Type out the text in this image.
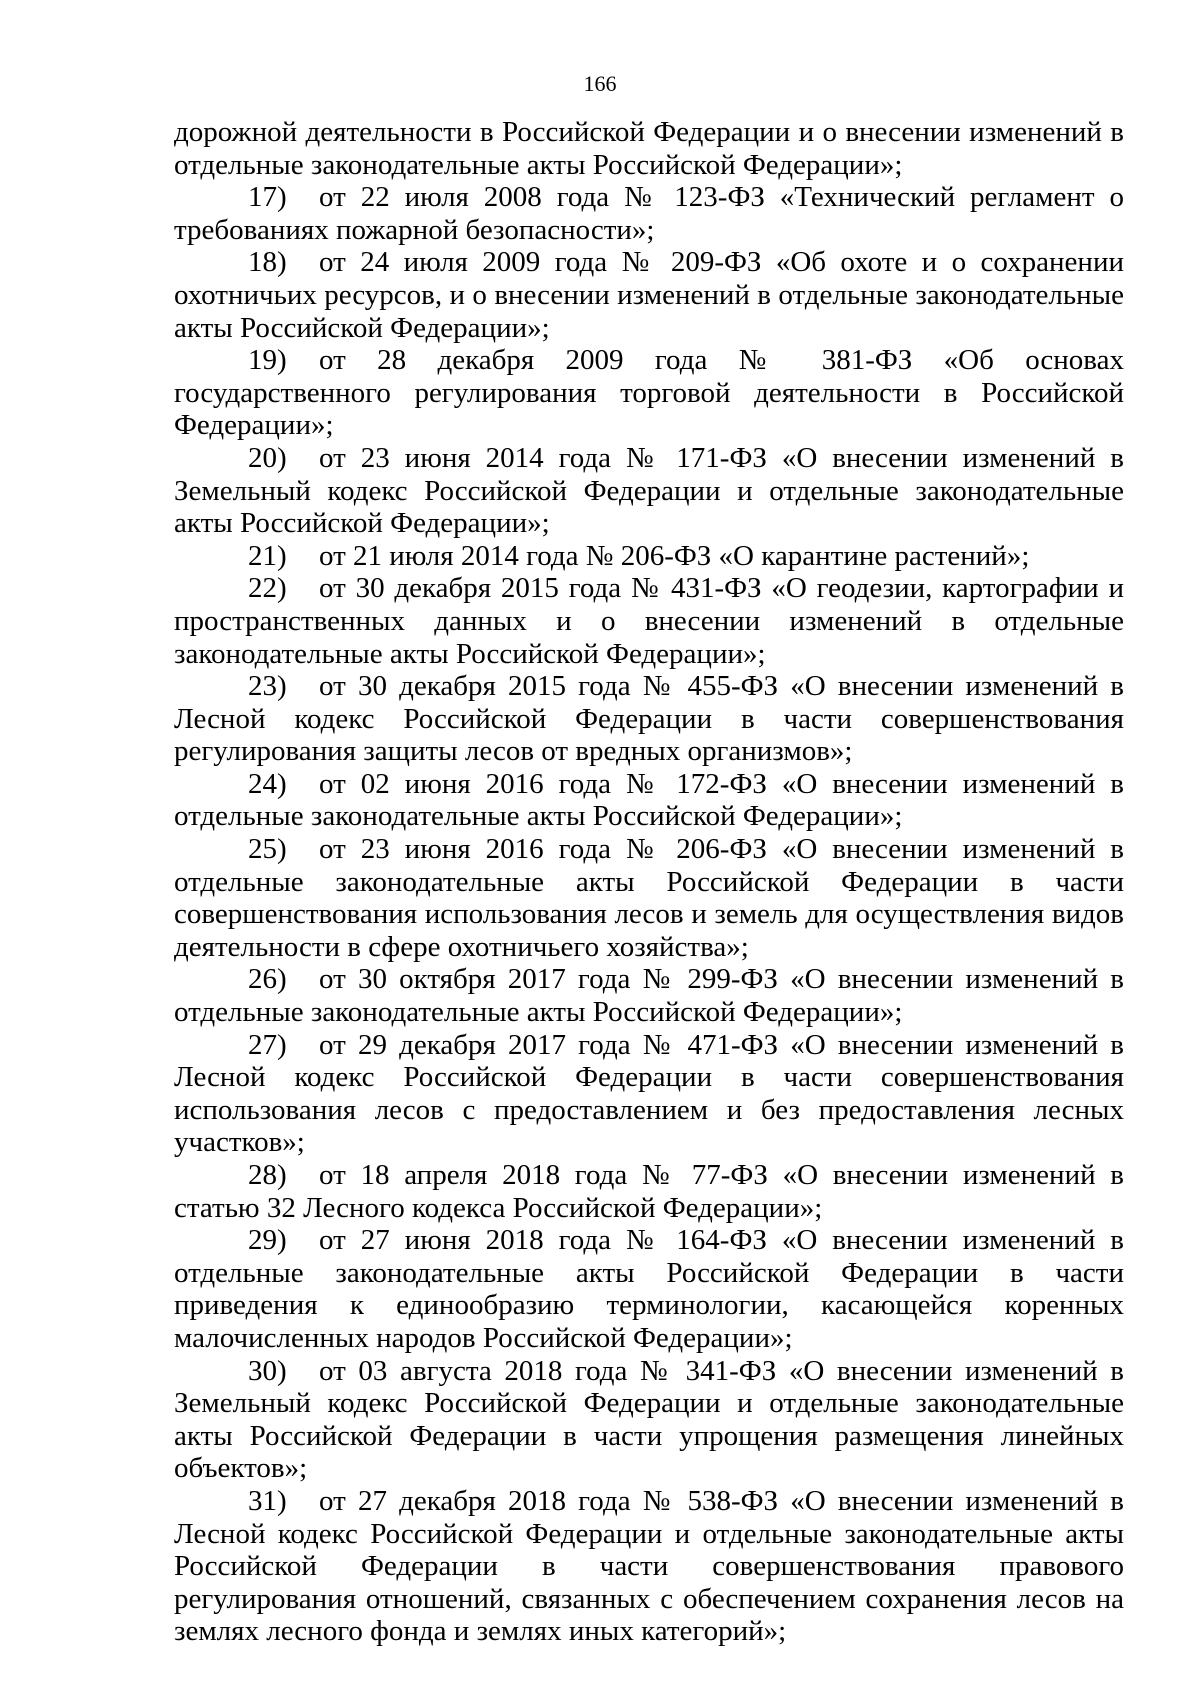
166

дорожной деятельности в Российской Федерации и о внесении изменений в отдельные законодательные акты Российской Федерации»;

17) от 22 июля 2008 года № 123-ФЗ «Технический регламент о требованиях пожарной безопасности»;

18) от 24 июля 2009 года № 209-ФЗ «Об охоте и о сохранении охотничьих ресурсов, и о внесении изменений в отдельные законодательные акты Российской Федерации»;

19) от 28 декабря 2009 года № 381-ФЗ «Об основах государственного регулирования торговой деятельности в Российской Федерации»;

20) от 23 июня 2014 года № 171-ФЗ «О внесении изменений в Земельный кодекс Российской Федерации и отдельные законодательные акты Российской Федерации»;

21) от 21 июля 2014 года № 206-ФЗ «О карантине растений»;

22) от 30 декабря 2015 года № 431-ФЗ «О геодезии, картографии и пространственных данных и о внесении изменений в отдельные законодательные акты Российской Федерации»;

23) от 30 декабря 2015 года № 455-ФЗ «О внесении изменений в Лесной кодекс Российской Федерации в части совершенствования регулирования защиты лесов от вредных организмов»;

24) от 02 июня 2016 года № 172-ФЗ «О внесении изменений в отдельные законодательные акты Российской Федерации»;

25) от 23 июня 2016 года № 206-ФЗ «О внесении изменений в отдельные законодательные акты Российской Федерации в части совершенствования использования лесов и земель для осуществления видов деятельности в сфере охотничьего хозяйства»;

26) от 30 октября 2017 года № 299-ФЗ «О внесении изменений в отдельные законодательные акты Российской Федерации»;

27) от 29 декабря 2017 года № 471-ФЗ «О внесении изменений в Лесной кодекс Российской Федерации в части совершенствования использования лесов с предоставлением и без предоставления лесных участков»;

28) от 18 апреля 2018 года № 77-ФЗ «О внесении изменений в статью 32 Лесного кодекса Российской Федерации»;

29) от 27 июня 2018 года № 164-ФЗ «О внесении изменений в отдельные законодательные акты Российской Федерации в части приведения к единообразию терминологии, касающейся коренных малочисленных народов Российской Федерации»;

30) от 03 августа 2018 года № 341-ФЗ «О внесении изменений в Земельный кодекс Российской Федерации и отдельные законодательные акты Российской Федерации в части упрощения размещения линейных объектов»;

31) от 27 декабря 2018 года № 538-ФЗ «О внесении изменений в Лесной кодекс Российской Федерации и отдельные законодательные акты Российской Федерации в части совершенствования правового регулирования отношений, связанных с обеспечением сохранения лесов на землях лесного фонда и землях иных категорий»;
